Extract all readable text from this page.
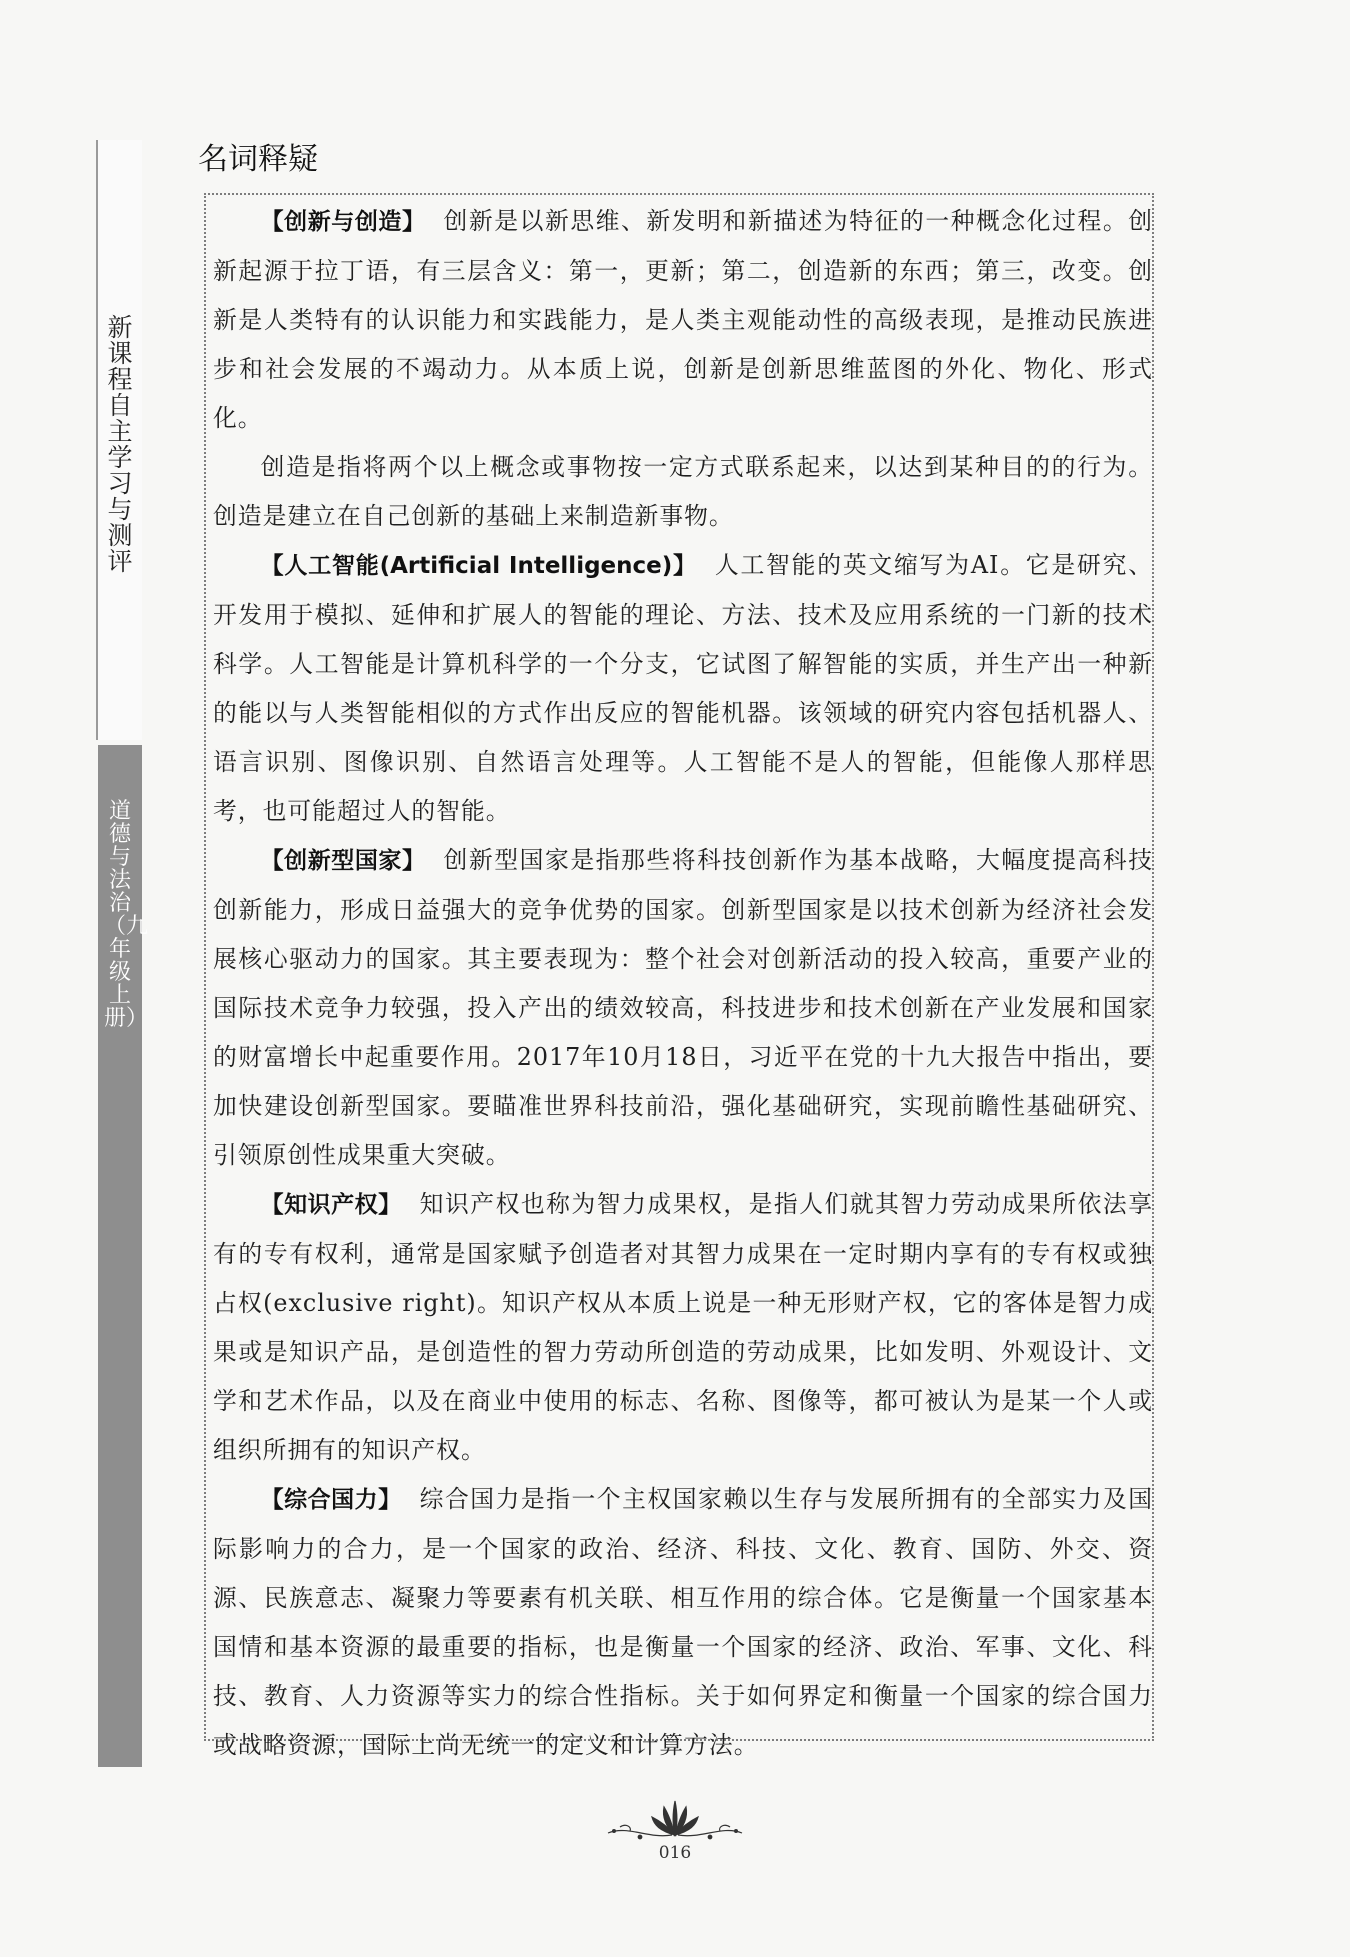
新课程自主学习与测评
道德与法治（九年级上册）
名词释疑

【创新与创造】 创新是以新思维、新发明和新描述为特征的一种概念化过程。创新起源于拉丁语，有三层含义：第一，更新；第二，创造新的东西；第三，改变。创新是人类特有的认识能力和实践能力，是人类主观能动性的高级表现，是推动民族进步和社会发展的不竭动力。从本质上说，创新是创新思维蓝图的外化、物化、形式化。

创造是指将两个以上概念或事物按一定方式联系起来，以达到某种目的的行为。创造是建立在自己创新的基础上来制造新事物。

【人工智能(Artificial Intelligence)】 人工智能的英文缩写为AI。它是研究、开发用于模拟、延伸和扩展人的智能的理论、方法、技术及应用系统的一门新的技术科学。人工智能是计算机科学的一个分支，它试图了解智能的实质，并生产出一种新的能以与人类智能相似的方式作出反应的智能机器。该领域的研究内容包括机器人、语言识别、图像识别、自然语言处理等。人工智能不是人的智能，但能像人那样思考，也可能超过人的智能。

【创新型国家】 创新型国家是指那些将科技创新作为基本战略，大幅度提高科技创新能力，形成日益强大的竞争优势的国家。创新型国家是以技术创新为经济社会发展核心驱动力的国家。其主要表现为：整个社会对创新活动的投入较高，重要产业的国际技术竞争力较强，投入产出的绩效较高，科技进步和技术创新在产业发展和国家的财富增长中起重要作用。2017年10月18日，习近平在党的十九大报告中指出，要加快建设创新型国家。要瞄准世界科技前沿，强化基础研究，实现前瞻性基础研究、引领原创性成果重大突破。

【知识产权】 知识产权也称为智力成果权，是指人们就其智力劳动成果所依法享有的专有权利，通常是国家赋予创造者对其智力成果在一定时期内享有的专有权或独占权(exclusive right)。知识产权从本质上说是一种无形财产权，它的客体是智力成果或是知识产品，是创造性的智力劳动所创造的劳动成果，比如发明、外观设计、文学和艺术作品，以及在商业中使用的标志、名称、图像等，都可被认为是某一个人或组织所拥有的知识产权。

【综合国力】 综合国力是指一个主权国家赖以生存与发展所拥有的全部实力及国际影响力的合力，是一个国家的政治、经济、科技、文化、教育、国防、外交、资源、民族意志、凝聚力等要素有机关联、相互作用的综合体。它是衡量一个国家基本国情和基本资源的最重要的指标，也是衡量一个国家的经济、政治、军事、文化、科技、教育、人力资源等实力的综合性指标。关于如何界定和衡量一个国家的综合国力或战略资源，国际上尚无统一的定义和计算方法。

016
